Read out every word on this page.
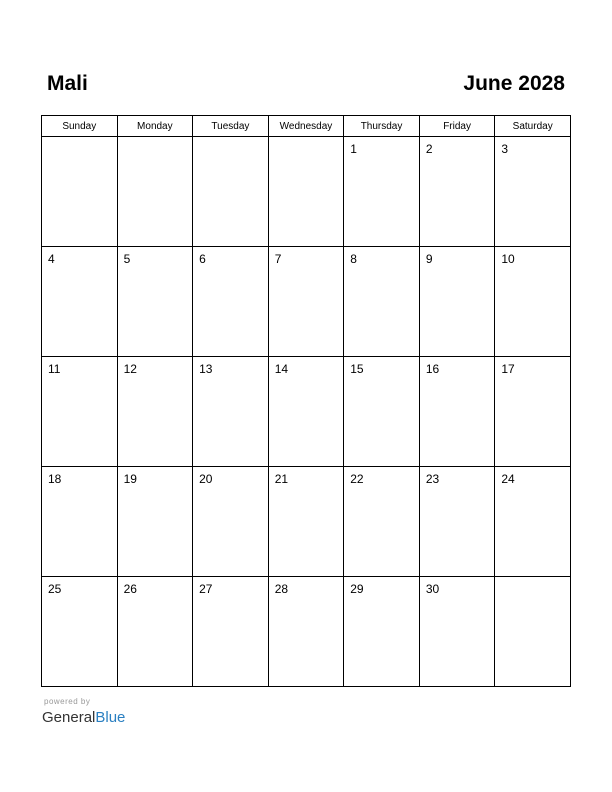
Mali	June 2028
Sunday	Monday	Tuesday	Wednesday	Thursday	Friday	Saturday

				1	2	3

4	5	6	7	8	9	10

11	12	13	14	15	16	17

18	19	20	21	22	23	24

25	26	27	28	29	30	

powered by
GeneralBlue
